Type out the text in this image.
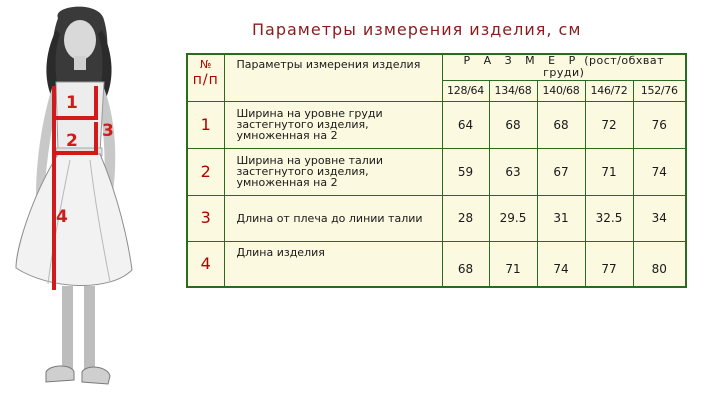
1
2 3
4
Параметры измерения изделия, см
№
п/п	Параметры измерения изделия	Р А З М Е Р (рост/обхват груди)				
		128/64	134/68	140/68	146/72	152/76
1	Ширина на уровне груди застегнутого изделия, умноженная на 2	64	68	68	72	76
2	Ширина на уровне талии застегнутого изделия, умноженная на 2	59	63	67	71	74
3	Длина от плеча до линии талии	28	29.5	31	32.5	34
4	Длина изделия	68	71	74	77	80
